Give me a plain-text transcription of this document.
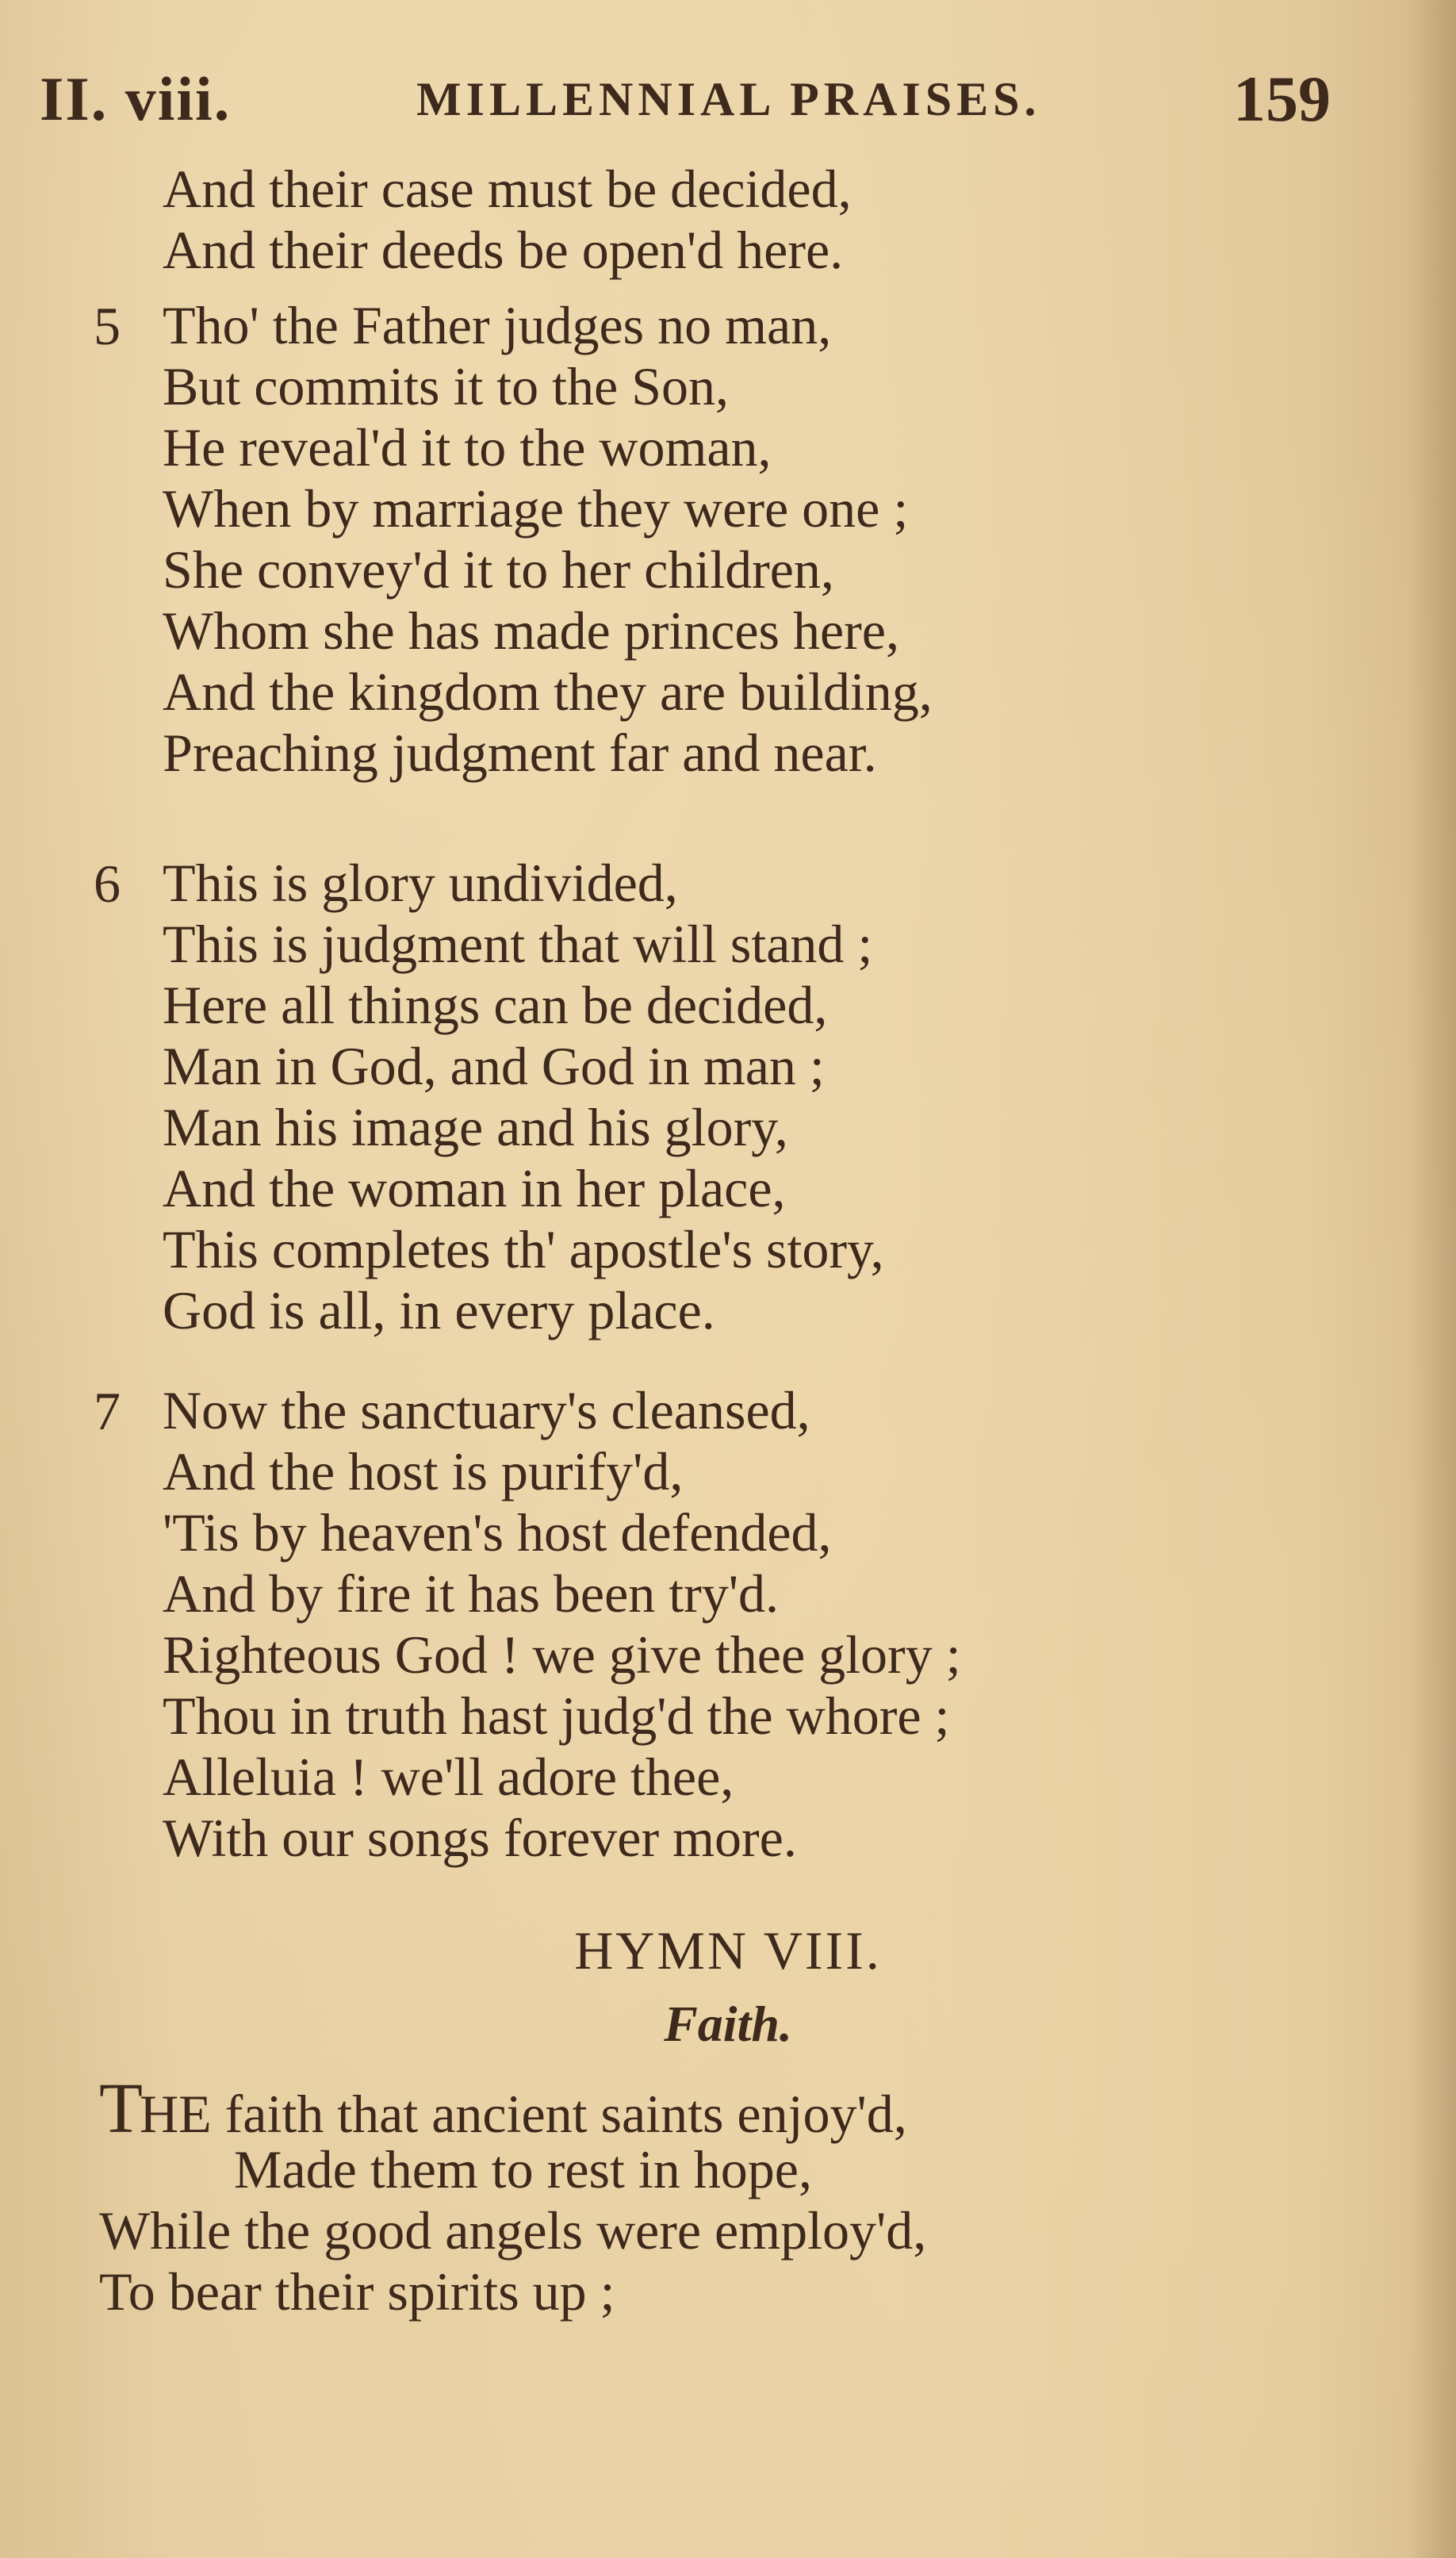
II. viii.	MILLENNIAL PRAISES.	159
And their case must be decided,
And their deeds be open'd here.
5 Tho' the Father judges no man,
But commits it to the Son,
He reveal'd it to the woman,
When by marriage they were one ;
She convey'd it to her children,
Whom she has made princes here,
And the kingdom they are building,
Preaching judgment far and near.
6 This is glory undivided,
This is judgment that will stand ;
Here all things can be decided,
Man in God, and God in man ;
Man his image and his glory,
And the woman in her place,
This completes th' apostle's story,
God is all, in every place.
7 Now the sanctuary's cleansed,
And the host is purify'd,
'Tis by heaven's host defended,
And by fire it has been try'd.
Righteous God ! we give thee glory ;
Thou in truth hast judg'd the whore ;
Alleluia ! we'll adore thee,
With our songs forever more.
HYMN VIII.
Faith.
THE faith that ancient saints enjoy'd,
Made them to rest in hope,
While the good angels were employ'd,
To bear their spirits up ;
